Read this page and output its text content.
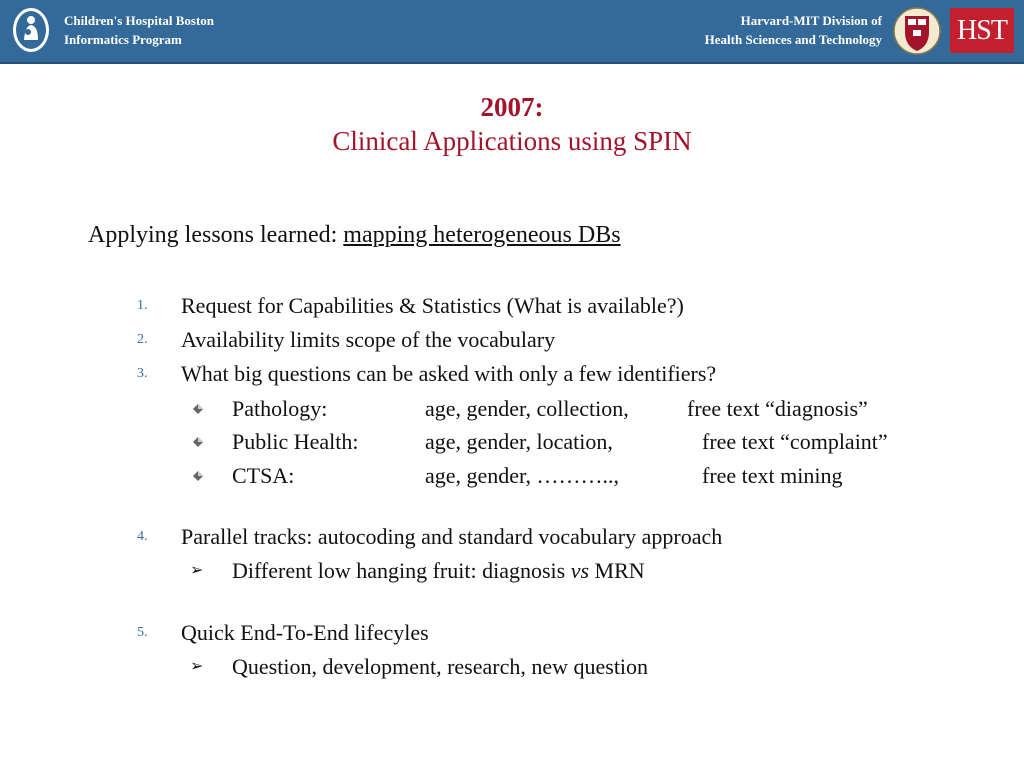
Children's Hospital Boston
Informatics Program
Harvard-MIT Division of
Health Sciences and Technology	HST
2007:
Clinical Applications using SPIN
Applying lessons learned: mapping heterogeneous DBs
1. Request for Capabilities & Statistics (What is available?)
2. Availability limits scope of the vocabulary
3. What big questions can be asked with only a few identifiers?
Pathology:	age, gender, collection,	free text “diagnosis”
Public Health:	age, gender, location,	free text “complaint”
CTSA:	age, gender, ………..,	free text mining
4. Parallel tracks: autocoding and standard vocabulary approach
➢ Different low hanging fruit: diagnosis vs MRN
5. Quick End-To-End lifecyles
➢ Question, development, research, new question
